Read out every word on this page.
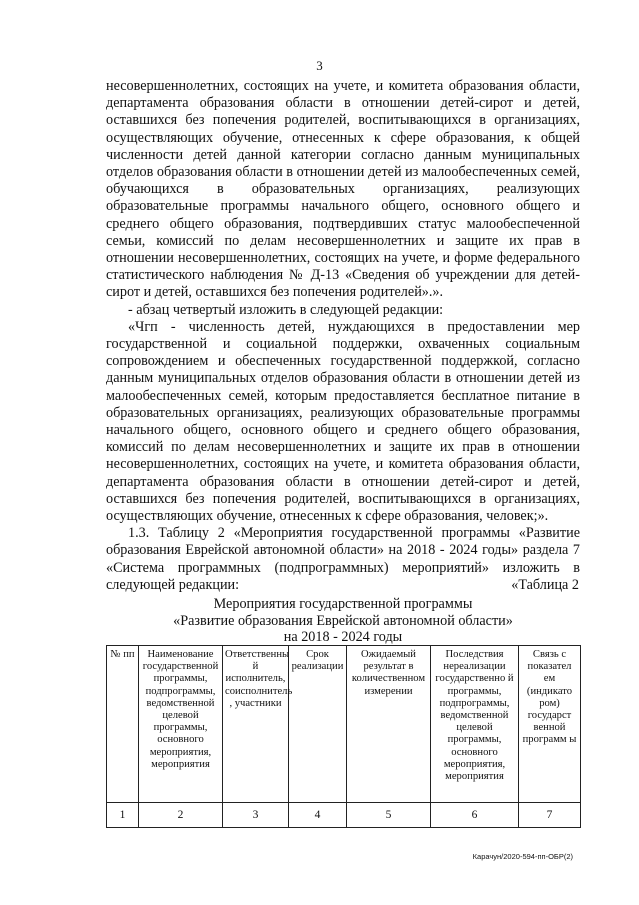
3

несовершеннолетних, состоящих на учете, и комитета образования области, департамента образования области в отношении детей-сирот и детей, оставшихся без попечения родителей, воспитывающихся в организациях, осуществляющих обучение, отнесенных к сфере образования, к общей численности детей данной категории согласно данным муниципальных отделов образования области в отношении детей из малообеспеченных семей, обучающихся в образовательных организациях, реализующих образовательные программы начального общего, основного общего и среднего общего образования, подтвердивших статус малообеспеченной семьи, комиссий по делам несовершеннолетних и защите их прав в отношении несовершеннолетних, состоящих на учете, и форме федерального статистического наблюдения № Д-13 «Сведения об учреждении для детей-сирот и детей, оставшихся без попечения родителей».».

- абзац четвертый изложить в следующей редакции:

«Чгп - численность детей, нуждающихся в предоставлении мер государственной и социальной поддержки, охваченных социальным сопровождением и обеспеченных государственной поддержкой, согласно данным муниципальных отделов образования области в отношении детей из малообеспеченных семей, которым предоставляется бесплатное питание в образовательных организациях, реализующих образовательные программы начального общего, основного общего и среднего общего образования, комиссий по делам несовершеннолетних и защите их прав в отношении несовершеннолетних, состоящих на учете, и комитета образования области, департамента образования области в отношении детей-сирот и детей, оставшихся без попечения родителей, воспитывающихся в организациях, осуществляющих обучение, отнесенных к сфере образования, человек;».

1.3. Таблицу 2 «Мероприятия государственной программы «Развитие образования Еврейской автономной области» на 2018 - 2024 годы» раздела 7 «Система программных (подпрограммных) мероприятий» изложить в следующей редакции:	«Таблица 2
Мероприятия государственной программы
«Развитие образования Еврейской автономной области»
на 2018 - 2024 годы
№ пп	Наименование государственной программы, подпрограммы, ведомственной целевой программы, основного мероприятия, мероприятия	Ответственны й исполнитель, соисполнитель , участники	Срок реализации	Ожидаемый результат в количественном измерении	Последствия нереализации государственно й программы, подпрограммы, ведомственной целевой программы, основного мероприятия, мероприятия	Связь с показател ем (индикато ром) государст венной программ ы
1	2	3	4	5	6	7
Карачун/2020-594-пп-ОБР(2)
